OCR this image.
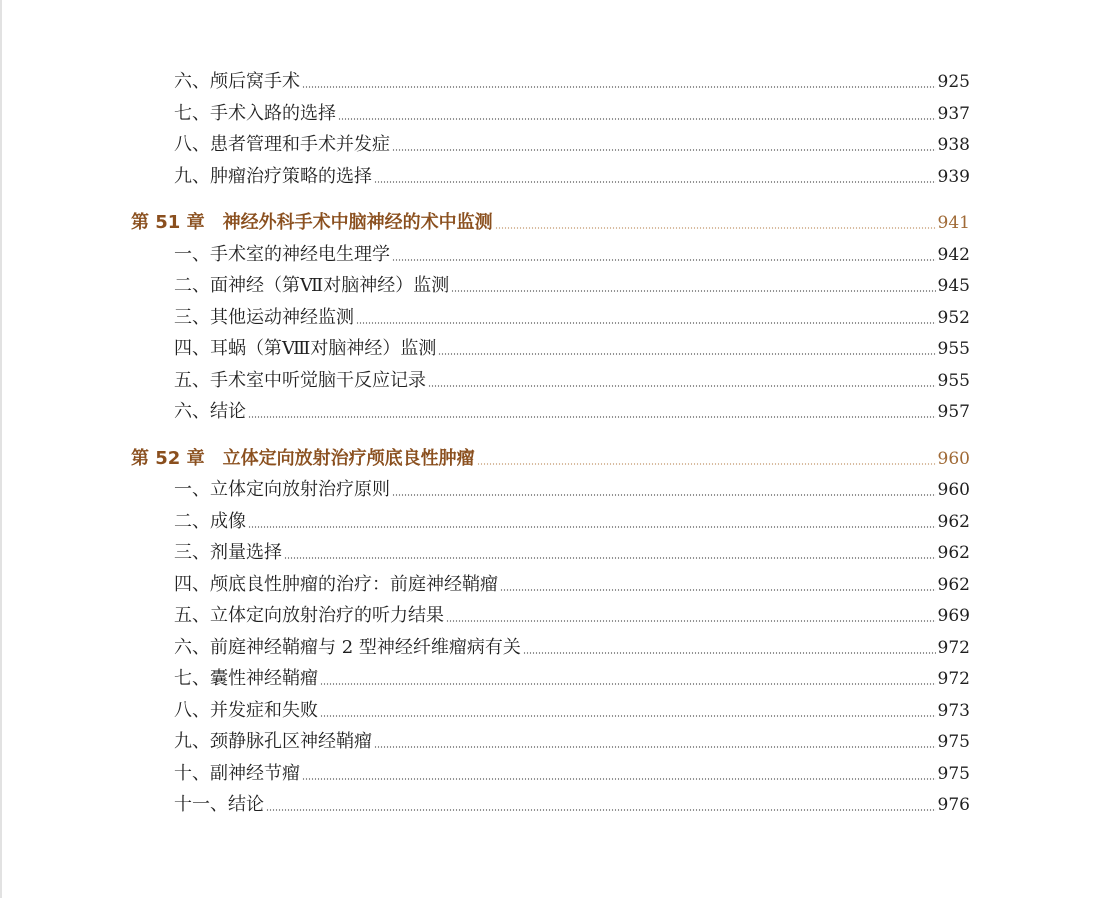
六、颅后窝手术	925
七、手术入路的选择	937
八、患者管理和手术并发症	938
九、肿瘤治疗策略的选择	939
第 51 章 神经外科手术中脑神经的术中监测	941
一、手术室的神经电生理学	942
二、面神经（第Ⅶ对脑神经）监测	945
三、其他运动神经监测	952
四、耳蜗（第Ⅷ对脑神经）监测	955
五、手术室中听觉脑干反应记录	955
六、结论	957
第 52 章 立体定向放射治疗颅底良性肿瘤	960
一、立体定向放射治疗原则	960
二、成像	962
三、剂量选择	962
四、颅底良性肿瘤的治疗：前庭神经鞘瘤	962
五、立体定向放射治疗的听力结果	969
六、前庭神经鞘瘤与 2 型神经纤维瘤病有关	972
七、囊性神经鞘瘤	972
八、并发症和失败	973
九、颈静脉孔区神经鞘瘤	975
十、副神经节瘤	975
十一、结论	976
